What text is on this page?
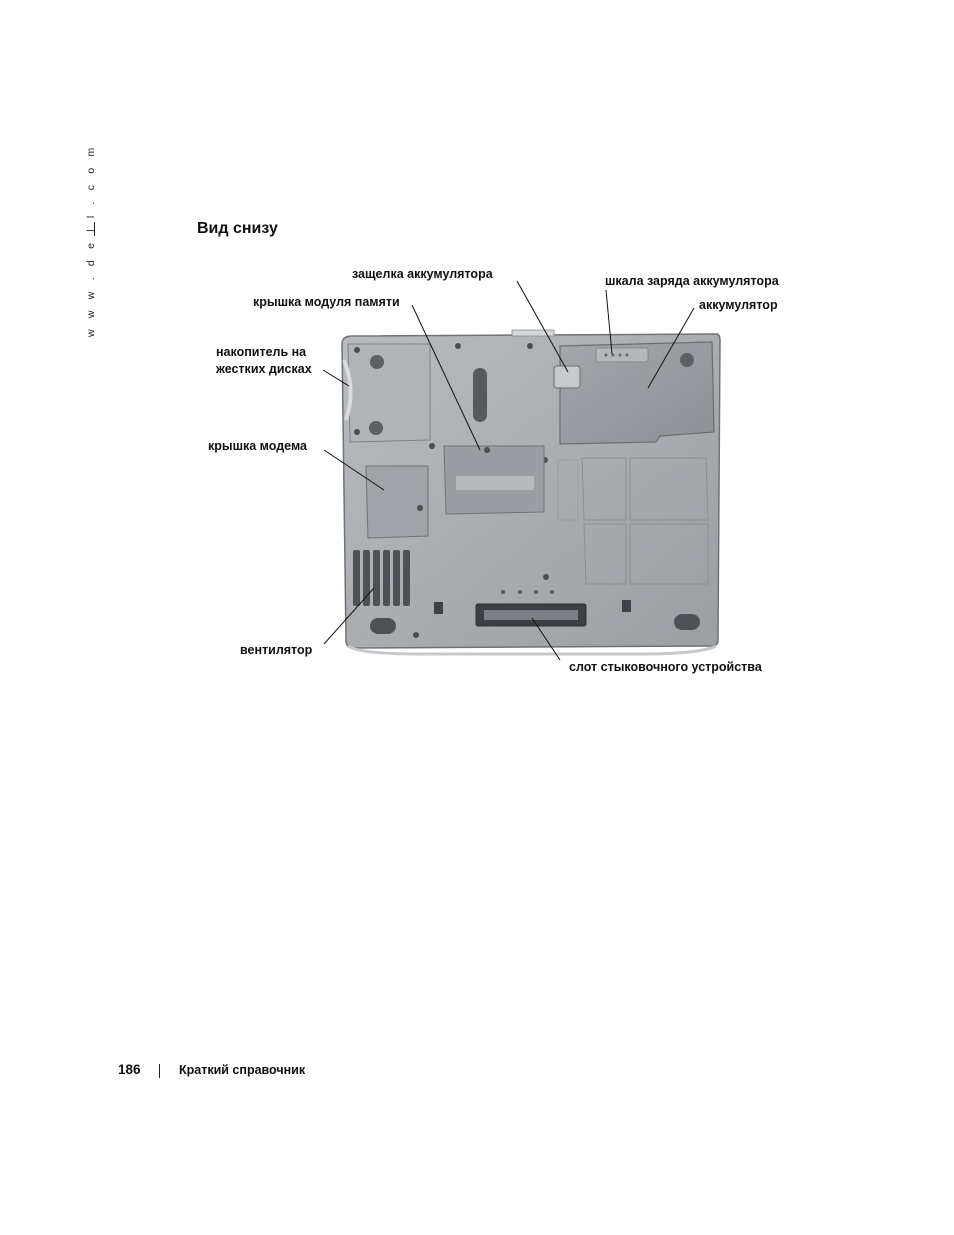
w w w . d e l l . c o m	Вид снизу
защелка аккумулятора	шкала заряда аккумулятора
крышка модуля памяти	аккумулятор
накопитель на
жестких дисках
крышка модема
вентилятор
слот стыковочного устройства
186	Краткий справочник
